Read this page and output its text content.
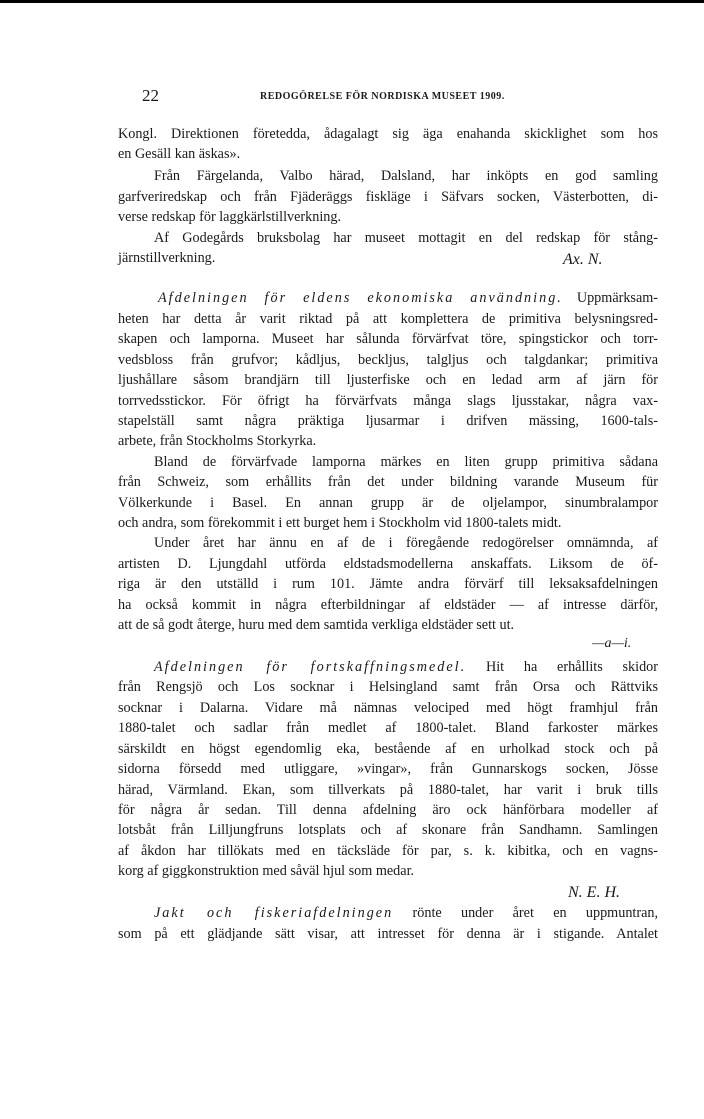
22	REDOGÖRELSE FÖR NORDISKA MUSEET 1909.
Kongl. Direktionen företedda, ådagalagt sig äga enahanda skicklighet som hos
en Gesäll kan äskas».
Från Färgelanda, Valbo härad, Dalsland, har inköpts en god samling
garfveriredskap och från Fjäderäggs fiskläge i Säfvars socken, Västerbotten, di-
verse redskap för laggkärlstillverkning.
Af Godegårds bruksbolag har museet mottagit en del redskap för stång-
järnstillverkning.	Ax. N.
Afdelningen för eldens ekonomiska användning. Uppmärksam-
heten har detta år varit riktad på att komplettera de primitiva belysningsred-
skapen och lamporna. Museet har sålunda förvärfvat töre, spingstickor och torr-
vedsbloss från grufvor; kådljus, beckljus, talgljus och talgdankar; primitiva
ljushållare såsom brandjärn till ljusterfiske och en ledad arm af järn för
torrvedsstickor. För öfrigt ha förvärfvats många slags ljusstakar, några vax-
stapelställ samt några präktiga ljusarmar i drifven mässing, 1600-tals-
arbete, från Stockholms Storkyrka.
Bland de förvärfvade lamporna märkes en liten grupp primitiva sådana
från Schweiz, som erhållits från det under bildning varande Museum für
Völkerkunde i Basel. En annan grupp är de oljelampor, sinumbralampor
och andra, som förekommit i ett burget hem i Stockholm vid 1800-talets midt.
Under året har ännu en af de i föregående redogörelser omnämnda, af
artisten D. Ljungdahl utförda eldstadsmodellerna anskaffats. Liksom de öf-
riga är den utställd i rum 101. Jämte andra förvärf till leksaksafdelningen
ha också kommit in några efterbildningar af eldstäder — af intresse därför,
att de så godt återge, huru med dem samtida verkliga eldstäder sett ut.
—a—i.
Afdelningen för fortskaffningsmedel. Hit ha erhållits skidor
från Rengsjö och Los socknar i Helsingland samt från Orsa och Rättviks
socknar i Dalarna. Vidare må nämnas velociped med högt framhjul från
1880-talet och sadlar från medlet af 1800-talet. Bland farkoster märkes
särskildt en högst egendomlig eka, bestående af en urholkad stock och på
sidorna försedd med utliggare, »vingar», från Gunnarskogs socken, Jösse
härad, Värmland. Ekan, som tillverkats på 1880-talet, har varit i bruk tills
för några år sedan. Till denna afdelning äro ock hänförbara modeller af
lotsbåt från Lilljungfruns lotsplats och af skonare från Sandhamn. Samlingen
af åkdon har tillökats med en täcksläde för par, s. k. kibitka, och en vagns-
korg af giggkonstruktion med såväl hjul som medar.
N. E. H.
Jakt och fiskeriafdelningen rönte under året en uppmuntran,
som på ett glädjande sätt visar, att intresset för denna är i stigande. Antalet
